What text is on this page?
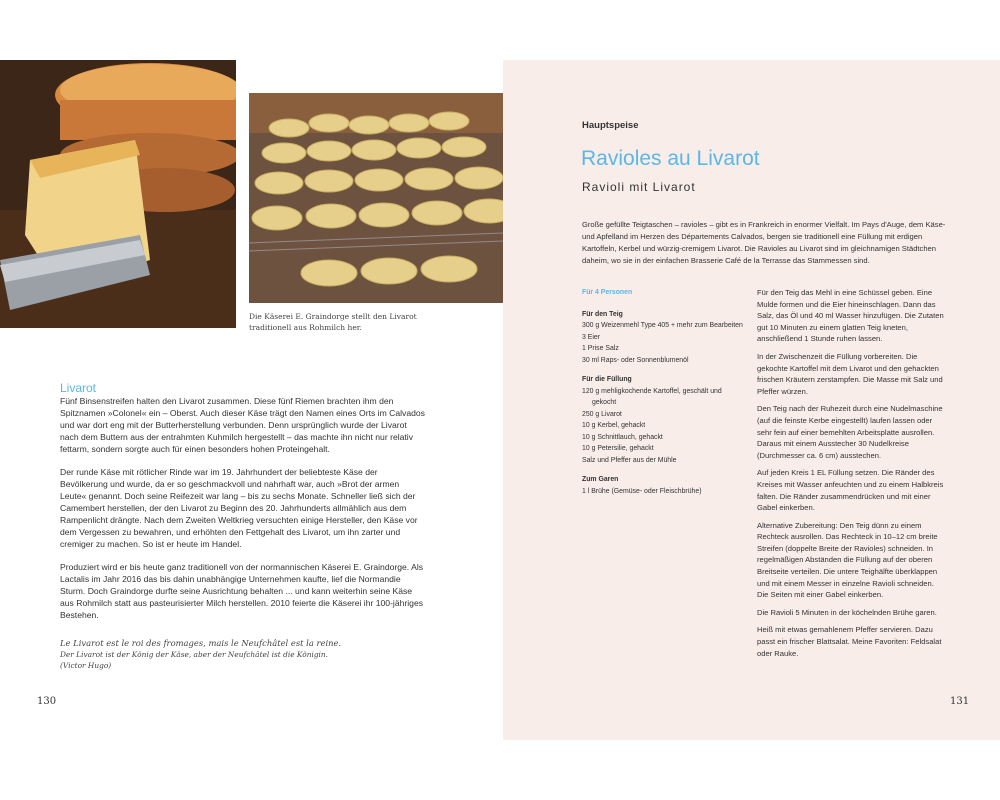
Die Käserei E. Graindorge stellt den Livarot traditionell aus Rohmilch her.
Livarot

Fünf Binsenstreifen halten den Livarot zusammen. Diese fünf Riemen brachten ihm den Spitznamen »Colonel« ein – Oberst. Auch dieser Käse trägt den Namen eines Orts im Calvados und war dort eng mit der Butterherstellung verbunden. Denn ursprünglich wurde der Livarot nach dem Buttern aus der entrahmten Kuhmilch hergestellt – das machte ihn nicht nur relativ fettarm, sondern sorgte auch für einen besonders hohen Proteingehalt.

Der runde Käse mit rötlicher Rinde war im 19. Jahrhundert der beliebteste Käse der Bevölkerung und wurde, da er so geschmackvoll und nahrhaft war, auch »Brot der armen Leute« genannt. Doch seine Reifezeit war lang – bis zu sechs Monate. Schneller ließ sich der Camembert herstellen, der den Livarot zu Beginn des 20. Jahrhunderts allmählich aus dem Rampenlicht drängte. Nach dem Zweiten Weltkrieg versuchten einige Hersteller, den Käse vor dem Vergessen zu bewahren, und erhöhten den Fettgehalt des Livarot, um ihn zarter und cremiger zu machen. So ist er heute im Handel.

Produziert wird er bis heute ganz traditionell von der normannischen Käserei E. Graindorge. Als Lactalis im Jahr 2016 das bis dahin unabhängige Unternehmen kaufte, lief die Normandie Sturm. Doch Graindorge durfte seine Ausrichtung behalten ... und kann weiterhin seine Käse aus Rohmilch statt aus pasteurisierter Milch herstellen. 2010 feierte die Käserei ihr 100-jähriges Bestehen.

Le Livarot est le roi des fromages, mais le Neufchâtel est la reine.
Der Livarot ist der König der Käse, aber der Neufchâtel ist die Königin.
(Victor Hugo)
130
Hauptspeise
Ravioles au Livarot
Ravioli mit Livarot
Große gefüllte Teigtaschen – ravioles – gibt es in Frankreich in enormer Vielfalt. Im Pays d'Auge, dem Käse- und Apfelland im Herzen des Départements Calvados, bergen sie traditionell eine Füllung mit erdigen Kartoffeln, Kerbel und würzig-cremigem Livarot. Die Ravioles au Livarot sind im gleichnamigen Städtchen daheim, wo sie in der einfachen Brasserie Café de la Terrasse das Stammessen sind.
Für 4 Personen
Für den Teig
300 g Weizenmehl Type 405 + mehr zum Bearbeiten
3 Eier
1 Prise Salz
30 ml Raps- oder Sonnenblumenöl
Für die Füllung
120 g mehligkochende Kartoffel, geschält und
gekocht
250 g Livarot
10 g Kerbel, gehackt
10 g Schnittlauch, gehackt
10 g Petersilie, gehackt
Salz und Pfeffer aus der Mühle
Zum Garen
1 l Brühe (Gemüse- oder Fleischbrühe)

Für den Teig das Mehl in eine Schüssel geben. Eine Mulde formen und die Eier hineinschlagen. Dann das Salz, das Öl und 40 ml Wasser hinzufügen. Die Zutaten gut 10 Minuten zu einem glatten Teig kneten, anschließend 1 Stunde ruhen lassen.

In der Zwischenzeit die Füllung vorbereiten. Die gekochte Kartoffel mit dem Livarot und den gehackten frischen Kräutern zerstampfen. Die Masse mit Salz und Pfeffer würzen.

Den Teig nach der Ruhezeit durch eine Nudelmaschine (auf die feinste Kerbe eingestellt) laufen lassen oder sehr fein auf einer bemehlten Arbeitsplatte ausrollen. Daraus mit einem Ausstecher 30 Nudelkreise (Durchmesser ca. 6 cm) ausstechen.

Auf jeden Kreis 1 EL Füllung setzen. Die Ränder des Kreises mit Wasser anfeuchten und zu einem Halbkreis falten. Die Ränder zusammendrücken und mit einer Gabel einkerben.

Alternative Zubereitung: Den Teig dünn zu einem Rechteck ausrollen. Das Rechteck in 10–12 cm breite Streifen (doppelte Breite der Ravioles) schneiden. In regelmäßigen Abständen die Füllung auf der oberen Breitseite verteilen. Die untere Teighälfte überklappen und mit einem Messer in einzelne Ravioli schneiden. Die Seiten mit einer Gabel einkerben.

Die Ravioli 5 Minuten in der köchelnden Brühe garen.

Heiß mit etwas gemahlenem Pfeffer servieren. Dazu passt ein frischer Blattsalat. Meine Favoriten: Feldsalat oder Rauke.

131
